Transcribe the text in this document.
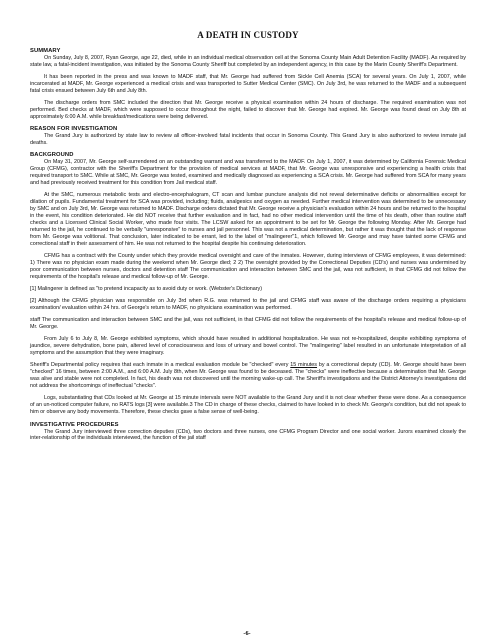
A DEATH IN CUSTODY
SUMMARY

On Sunday, July 8, 2007, Ryan George, age 22, died, while in an individual medical observation cell at the Sonoma County Main Adult Detention Facility (MADF). As required by state law, a fatal-incident investigation, was initiated by the Sonoma County Sheriff but completed by an independent agency, in this case by the Marin County Sheriff's Department.

It has been reported in the press and was known to MADF staff, that Mr. George had suffered from Sickle Cell Anemia (SCA) for several years. On July 1, 2007, while incarcerated at MADF, Mr. George experienced a medical crisis and was transported to Sutter Medical Center (SMC). On July 3rd, he was returned to the MADF and a subsequent fatal crisis ensued between July 6th and July 8th.

The discharge orders from SMC included the direction that Mr. George receive a physical examination within 24 hours of discharge. The required examination was not performed. Bed checks at MADF, which were supposed to occur throughout the night, failed to discover that Mr. George had expired. Mr. George was found dead on July 8th at approximately 6:00 A.M. while breakfast/medications were being delivered.

REASON FOR INVESTIGATION

The Grand Jury is authorized by state law to review all officer-involved fatal incidents that occur in Sonoma County. This Grand Jury is also authorized to review inmate jail deaths.

BACKGROUND

On May 31, 2007, Mr. George self-surrendered on an outstanding warrant and was transferred to the MADF. On July 1, 2007, it was determined by California Forensic Medical Group (CFMG), contractor with the Sheriff's Department for the provision of medical services at MADF, that Mr. George was unresponsive and experiencing a health crisis that required transport to SMC. While at SMC, Mr. George was tested, examined and medically diagnosed as experiencing a SCA crisis. Mr. George had suffered from SCA for many years and had previously received treatment for this condition from Jail medical staff.

At the SMC, numerous metabolic tests and electro-encephalogram, CT scan and lumbar puncture analysis did not reveal determinative deficits or abnormalities except for dilation of pupils. Fundamental treatment for SCA was provided, including; fluids, analgesics and oxygen as needed. Further medical intervention was determined to be unnecessary by SMC and on July 3rd, Mr. George was returned to MADF. Discharge orders dictated that Mr. George receive a physician's evaluation within 24 hours and be returned to the hospital in the event, his condition deteriorated. He did NOT receive that further evaluation and in fact, had no other medical intervention until the time of his death, other than routine staff checks and a Licensed Clinical Social Worker, who made four visits. The LCSW asked for an appointment to be set for Mr. George the following Monday. After Mr. George had returned to the jail, he continued to be verbally "unresponsive" to nurses and jail personnel. This was not a medical determination, but rather it was thought that the lack of response from Mr. George was volitional. That conclusion, later indicated to be errant, led to the label of "malingerer"1, which followed Mr. George and may have tainted some CFMG and correctional staff in their assessment of him. He was not returned to the hospital despite his continuing deterioration.

CFMG has a contract with the County under which they provide medical oversight and care of the inmates. However, during interviews of CFMG employees, it was determined: 1) There was no physician exam made during the weekend when Mr. George died; 2 2) The oversight provided by the Correctional Deputies (CD's) and nurses was undermined by poor communication between nurses, doctors and detention staff The communication and interaction between SMC and the jail, was not sufficient, in that CFMG did not follow the requirements of the hospital's release and medical follow-up of Mr. George.

[1] Malingerer is defined as "to pretend incapacity as to avoid duty or work. (Webster's Dictionary)

[2] Although the CFMG physician was responsible on July 3rd when R.G. was returned to the jail and CFMG staff was aware of the discharge orders requiring a physicians examination/ evaluation within 24 hrs. of George's return to MADF, no physicians examination was performed.

staff The communication and interaction between SMC and the jail, was not sufficient, in that CFMG did not follow the requirements of the hospital's release and medical follow-up of Mr. George.

From July 6 to July 8, Mr. George exhibited symptoms, which should have resulted in additional hospitalization. He was not re-hospitalized, despite exhibiting symptoms of jaundice, severe dehydration, bone pain, altered level of consciousness and loss of urinary and bowel control. The "malingering" label resulted in an unfortunate interpretation of all symptoms and the assumption that they were imaginary.

Sheriff's Departmental policy requires that each inmate in a medical evaluation module be "checked" every 15 minutes by a correctional deputy (CD). Mr. George should have been "checked" 16 times, between 2:00 A.M., and 6:00 A.M. July 8th, when Mr. George was found to be deceased. The "checks" were ineffective because a determination that Mr. George was alive and stable were not completed. In fact, his death was not discovered until the morning wake-up call. The Sheriff's investigations and the District Attorney's investigations did not address the shortcomings of ineffectual "checks".

Logs, substantiating that CDs looked at Mr. George at 15 minute intervals were NOT available to the Grand Jury and it is not clear whether these were done. As a consequence of an un-noticed computer failure, no RATS logs [3] were available.3 The CD in charge of these checks, claimed to have looked in to check Mr. George's condition, but did not speak to him or observe any body movements. Therefore, these checks gave a false sense of well-being.

INVESTIGATIVE PROCEDURES

The Grand Jury interviewed three correction deputies (CDs), two doctors and three nurses, one CFMG Program Director and one social worker. Jurors examined closely the inter-relationship of the individuals interviewed, the function of the jail staff

-6-
